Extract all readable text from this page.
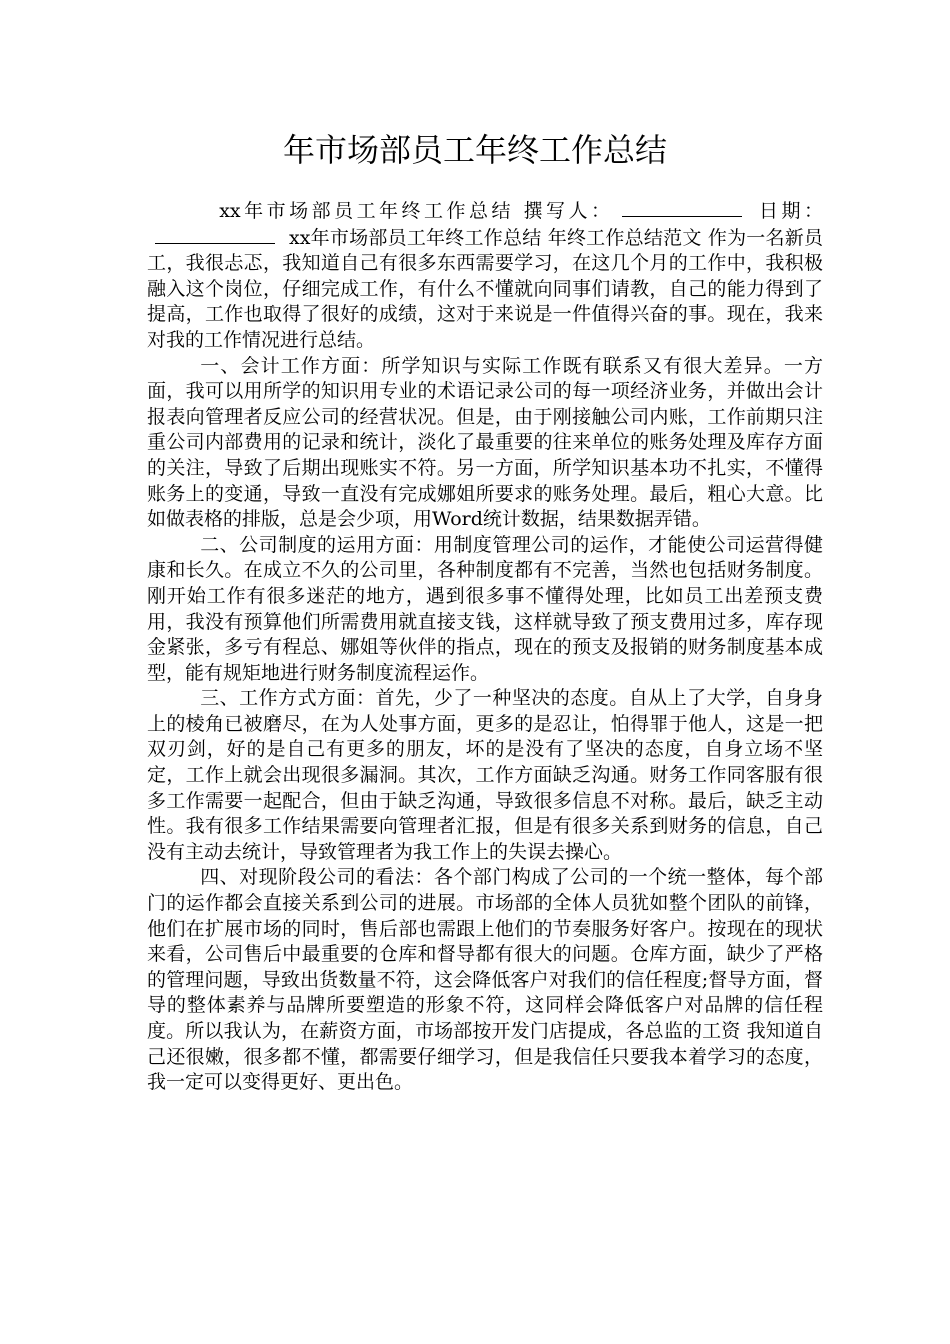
年市场部员工年终工作总结

xx年市场部员工年终工作总结 撰写人：	日期：xx年市场部员工年终工作总结 年终工作总结范文 作为一名新员工，我很忐忑，我知道自己有很多东西需要学习，在这几个月的工作中，我积极融入这个岗位，仔细完成工作，有什么不懂就向同事们请教，自己的能力得到了提高，工作也取得了很好的成绩，这对于来说是一件值得兴奋的事。现在，我来对我的工作情况进行总结。

一、会计工作方面：所学知识与实际工作既有联系又有很大差异。一方面，我可以用所学的知识用专业的术语记录公司的每一项经济业务，并做出会计报表向管理者反应公司的经营状况。但是，由于刚接触公司内账，工作前期只注重公司内部费用的记录和统计，淡化了最重要的往来单位的账务处理及库存方面的关注，导致了后期出现账实不符。另一方面，所学知识基本功不扎实，不懂得账务上的变通，导致一直没有完成娜姐所要求的账务处理。最后，粗心大意。比如做表格的排版，总是会少项，用Word统计数据，结果数据弄错。

二、公司制度的运用方面：用制度管理公司的运作，才能使公司运营得健康和长久。在成立不久的公司里，各种制度都有不完善，当然也包括财务制度。刚开始工作有很多迷茫的地方，遇到很多事不懂得处理，比如员工出差预支费用，我没有预算他们所需费用就直接支钱，这样就导致了预支费用过多，库存现金紧张，多亏有程总、娜姐等伙伴的指点，现在的预支及报销的财务制度基本成型，能有规矩地进行财务制度流程运作。

三、工作方式方面：首先，少了一种坚决的态度。自从上了大学，自身身上的棱角已被磨尽，在为人处事方面，更多的是忍让，怕得罪于他人，这是一把双刃剑，好的是自己有更多的朋友，坏的是没有了坚决的态度，自身立场不坚定，工作上就会出现很多漏洞。其次，工作方面缺乏沟通。财务工作同客服有很多工作需要一起配合，但由于缺乏沟通，导致很多信息不对称。最后，缺乏主动性。我有很多工作结果需要向管理者汇报，但是有很多关系到财务的信息，自己没有主动去统计，导致管理者为我工作上的失误去操心。

四、对现阶段公司的看法：各个部门构成了公司的一个统一整体，每个部门的运作都会直接关系到公司的进展。市场部的全体人员犹如整个团队的前锋，他们在扩展市场的同时，售后部也需跟上他们的节奏服务好客户。按现在的现状来看，公司售后中最重要的仓库和督导都有很大的问题。仓库方面，缺少了严格的管理问题，导致出货数量不符，这会降低客户对我们的信任程度;督导方面，督导的整体素养与品牌所要塑造的形象不符，这同样会降低客户对品牌的信任程度。所以我认为，在薪资方面，市场部按开发门店提成，各总监的工资 我知道自己还很嫩，很多都不懂，都需要仔细学习，但是我信任只要我本着学习的态度，我一定可以变得更好、更出色。
